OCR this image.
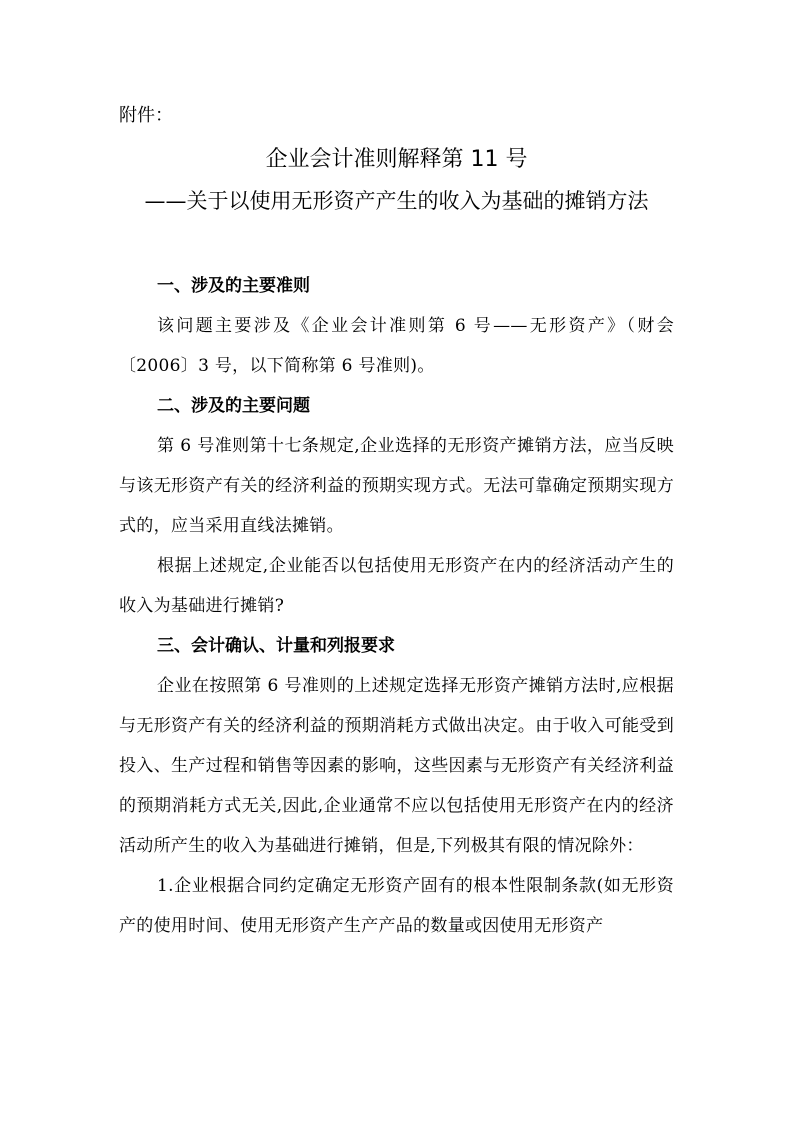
附件：
企业会计准则解释第 11 号
——关于以使用无形资产产生的收入为基础的摊销方法

一、涉及的主要准则

该问题主要涉及《企业会计准则第 6 号——无形资产》（财会〔2006〕3 号，以下简称第 6 号准则)。

二、涉及的主要问题

第 6 号准则第十七条规定,企业选择的无形资产摊销方法，应当反映与该无形资产有关的经济利益的预期实现方式。无法可靠确定预期实现方式的，应当采用直线法摊销。

根据上述规定,企业能否以包括使用无形资产在内的经济活动产生的收入为基础进行摊销?

三、会计确认、计量和列报要求

企业在按照第 6 号准则的上述规定选择无形资产摊销方法时,应根据与无形资产有关的经济利益的预期消耗方式做出决定。由于收入可能受到投入、生产过程和销售等因素的影响，这些因素与无形资产有关经济利益的预期消耗方式无关,因此,企业通常不应以包括使用无形资产在内的经济活动所产生的收入为基础进行摊销，但是,下列极其有限的情况除外：

1.企业根据合同约定确定无形资产固有的根本性限制条款(如无形资产的使用时间、使用无形资产生产产品的数量或因使用无形资产
